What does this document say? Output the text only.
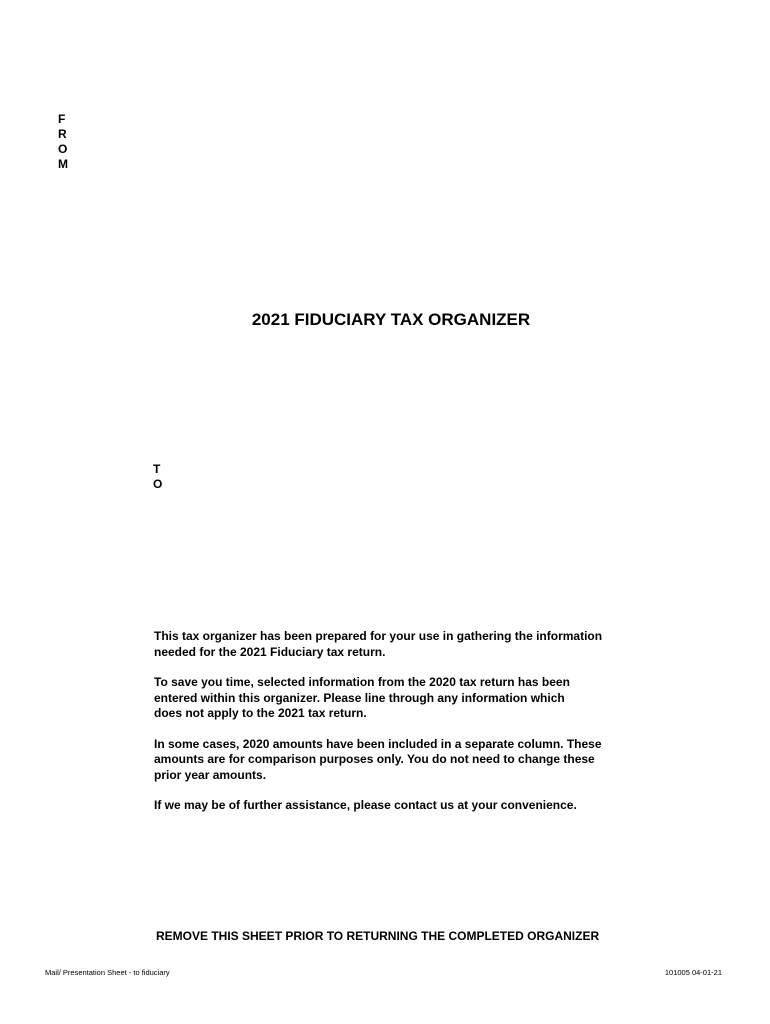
F
R
O
M
2021 FIDUCIARY TAX ORGANIZER
T
O

This tax organizer has been prepared for your use in gathering the information
needed for the 2021 Fiduciary tax return.

To save you time, selected information from the 2020 tax return has been
entered within this organizer. Please line through any information which
does not apply to the 2021 tax return.

In some cases, 2020 amounts have been included in a separate column. These
amounts are for comparison purposes only. You do not need to change these
prior year amounts.

If we may be of further assistance, please contact us at your convenience.

REMOVE THIS SHEET PRIOR TO RETURNING THE COMPLETED ORGANIZER
Mail/ Presentation Sheet - to fiduciary	101005 04-01-21
